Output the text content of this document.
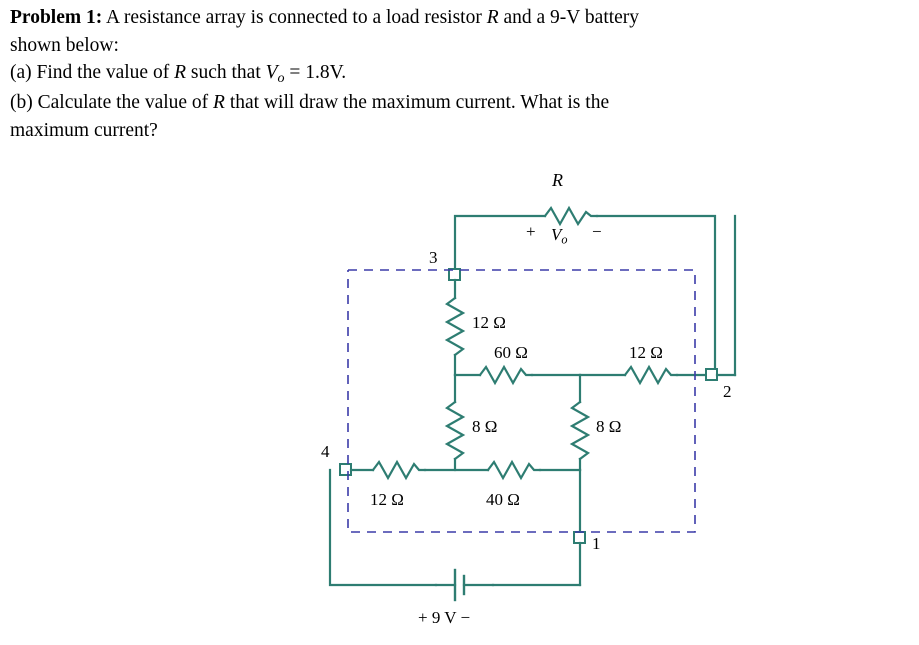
Problem 1: A resistance array is connected to a load resistor R and a 9-V battery
shown below:
(a) Find the value of R such that $V_o = 1.8V$.
(b) Calculate the value of R that will draw the maximum current. What is the
maximum current?
R
+ $V_o$ −
3
2
4
1
12 Ω
60 Ω	12 Ω
8 Ω	8 Ω
12 Ω	40 Ω
+ 9 V −
